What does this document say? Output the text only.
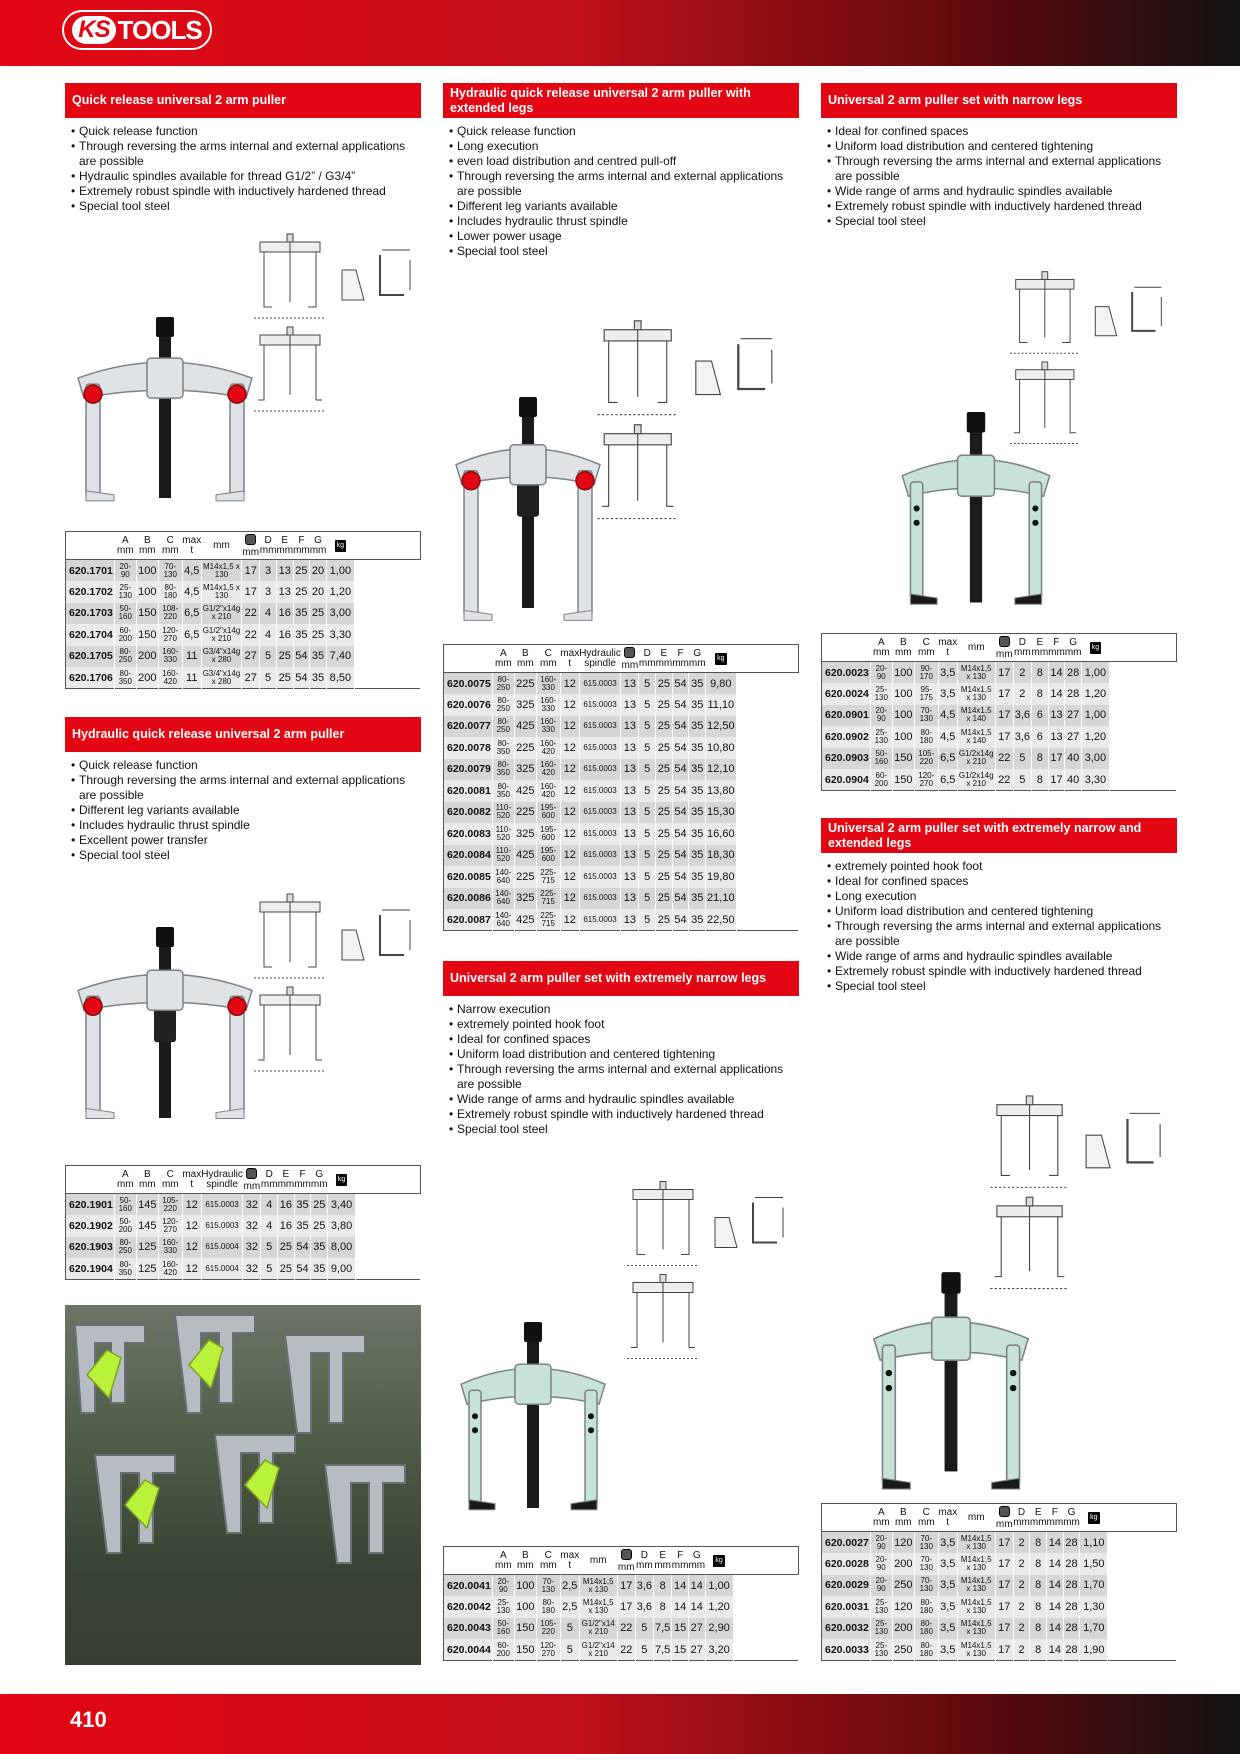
KS TOOLS
Quick release universal 2 arm puller
• Quick release function
• Through reversing the arms internal and external applications are possible
• Hydraulic spindles available for thread G1/2” / G3/4”
• Extremely robust spindle with inductively hardened thread
• Special tool steel
	A mm	B mm	C mm	max t	mm	mm	D mm	E mm	F mm	G mm	kg	
620.1701	20-90	100	70-130	4,5	M14x1,5 x 130	17	3	13	25	20	1,00	
620.1702	25-130	100	80-180	4,5	M14x1,5 x 130	17	3	13	25	20	1,20	
620.1703	50-160	150	108-220	6,5	G1/2"x14g x 210	22	4	16	35	25	3,00	
620.1704	60-200	150	120-270	6,5	G1/2"x14g x 210	22	4	16	35	25	3,30	
620.1705	80-250	200	160-330	11	G3/4"x14g x 280	27	5	25	54	35	7,40	
620.1706	80-350	200	160-420	11	G3/4"x14g x 280	27	5	25	54	35	8,50	
Hydraulic quick release universal 2 arm puller
• Quick release function
• Through reversing the arms internal and external applications are possible
• Different leg variants available
• Includes hydraulic thrust spindle
• Excellent power transfer
• Special tool steel
	A mm	B mm	C mm	max t	Hydraulic spindle	mm	D mm	E mm	F mm	G mm	kg	
620.1901	50-160	145	105-220	12	615.0003	32	4	16	35	25	3,40	
620.1902	50-200	145	120-270	12	615.0003	32	4	16	35	25	3,80	
620.1903	80-250	125	160-330	12	615.0004	32	5	25	54	35	8,00	
620.1904	80-350	125	160-420	12	615.0004	32	5	25	54	35	9,00	
Hydraulic quick release universal 2 arm puller with extended legs
• Quick release function
• Long execution
• even load distribution and centred pull-off
• Through reversing the arms internal and external applications are possible
• Different leg variants available
• Includes hydraulic thrust spindle
• Lower power usage
• Special tool steel
	A mm	B mm	C mm	max t	Hydraulic spindle	mm	D mm	E mm	F mm	G mm	kg	
620.0075	80-250	225	160-330	12	615.0003	13	5	25	54	35	9,80	
620.0076	80-250	325	160-330	12	615.0003	13	5	25	54	35	11,10	
620.0077	80-250	425	160-330	12	615.0003	13	5	25	54	35	12,50	
620.0078	80-350	225	160-420	12	615.0003	13	5	25	54	35	10,80	
620.0079	80-350	325	160-420	12	615.0003	13	5	25	54	35	12,10	
620.0081	80-350	425	160-420	12	615.0003	13	5	25	54	35	13,80	
620.0082	110-520	225	195-600	12	615.0003	13	5	25	54	35	15,30	
620.0083	110-520	325	195-600	12	615.0003	13	5	25	54	35	16,60	
620.0084	110-520	425	195-600	12	615.0003	13	5	25	54	35	18,30	
620.0085	140-640	225	225-715	12	615.0003	13	5	25	54	35	19,80	
620.0086	140-640	325	225-715	12	615.0003	13	5	25	54	35	21,10	
620.0087	140-640	425	225-715	12	615.0003	13	5	25	54	35	22,50	
Universal 2 arm puller set with extremely narrow legs
• Narrow execution
• extremely pointed hook foot
• Ideal for confined spaces
• Uniform load distribution and centered tightening
• Through reversing the arms internal and external applications are possible
• Wide range of arms and hydraulic spindles available
• Extremely robust spindle with inductively hardened thread
• Special tool steel
	A mm	B mm	C mm	max t	mm	mm	D mm	E mm	F mm	G mm	kg	
620.0041	20-90	100	70-130	2,5	M14x1,5 x 130	17	3,6	8	14	14	1,00	
620.0042	25-130	100	80-180	2,5	M14x1,5 x 130	17	3,6	8	14	14	1,20	
620.0043	50-160	150	105-220	5	G1/2"x14 x 210	22	5	7,5	15	27	2,90	
620.0044	60-200	150	120-270	5	G1/2"x14 x 210	22	5	7,5	15	27	3,20	
Universal 2 arm puller set with narrow legs
• Ideal for confined spaces
• Uniform load distribution and centered tightening
• Through reversing the arms internal and external applications are possible
• Wide range of arms and hydraulic spindles available
• Extremely robust spindle with inductively hardened thread
• Special tool steel
	A mm	B mm	C mm	max t	mm	mm	D mm	E mm	F mm	G mm	kg	
620.0023	20-90	100	90-170	3,5	M14x1,5 x 130	17	2	8	14	28	1,00	
620.0024	25-130	100	95-175	3,5	M14x1,5 x 130	17	2	8	14	28	1,20	
620.0901	20-90	100	70-130	4,5	M14x1,5 x 140	17	3,6	6	13	27	1,00	
620.0902	25-130	100	80-180	4,5	M14x1,5 x 140	17	3,6	6	13	27	1,20	
620.0903	50-160	150	105-220	6,5	G1/2x14g x 210	22	5	8	17	40	3,00	
620.0904	60-200	150	120-270	6,5	G1/2x14g x 210	22	5	8	17	40	3,30	
Universal 2 arm puller set with extremely narrow and extended legs
• extremely pointed hook foot
• Ideal for confined spaces
• Long execution
• Uniform load distribution and centered tightening
• Through reversing the arms internal and external applications are possible
• Wide range of arms and hydraulic spindles available
• Extremely robust spindle with inductively hardened thread
• Special tool steel
	A mm	B mm	C mm	max t	mm	mm	D mm	E mm	F mm	G mm	kg	
620.0027	20-90	120	70-130	3,5	M14x1,5 x 130	17	2	8	14	28	1,10	
620.0028	20-90	200	70-130	3,5	M14x1,5 x 130	17	2	8	14	28	1,50	
620.0029	20-90	250	70-130	3,5	M14x1,5 x 130	17	2	8	14	28	1,70	
620.0031	25-130	120	80-180	3,5	M14x1,5 x 130	17	2	8	14	28	1,30	
620.0032	25-130	200	80-180	3,5	M14x1,5 x 130	17	2	8	14	28	1,70	
620.0033	25-130	250	80-180	3,5	M14x1,5 x 130	17	2	8	14	28	1,90	
410
